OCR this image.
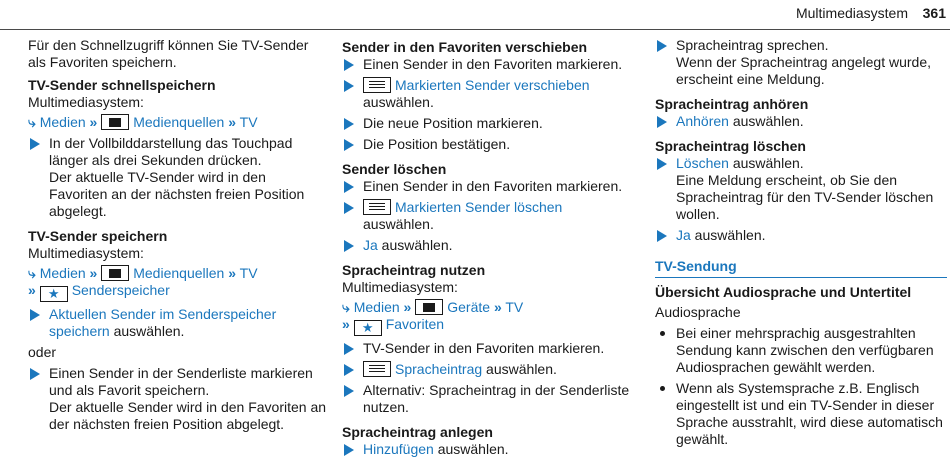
Multimediasystem 361

Für den Schnellzugriff können Sie TV-Sender als Favoriten speichern.

TV-Sender schnellspeichern

Multimediasystem:

⤷ Medien »	Medienquellen » TV
In der Vollbilddarstellung das Touchpad länger als drei Sekunden drücken.
Der aktuelle TV-Sender wird in den Favoriten an der nächsten freien Position abgelegt.

TV-Sender speichern

Multimediasystem:

⤷ Medien »	Medienquellen » TV
» ★ Senderspeicher
Aktuellen Sender im Senderspeicher speichern auswählen.

oder

Einen Sender in der Senderliste markieren und als Favorit speichern.
Der aktuelle Sender wird in den Favoriten an der nächsten freien Position abgelegt.

Sender in den Favoriten verschieben

Einen Sender in den Favoriten markieren.
Markierten Sender verschieben auswählen.
Die neue Position markieren.
Die Position bestätigen.

Sender löschen

Einen Sender in den Favoriten markieren.
Markierten Sender löschen auswählen.
Ja auswählen.

Spracheintrag nutzen

Multimediasystem:

⤷ Medien »	Geräte » TV
» ★ Favoriten
TV-Sender in den Favoriten markieren.
Spracheintrag auswählen.
Alternativ: Spracheintrag in der Senderliste nutzen.

Spracheintrag anlegen

Hinzufügen auswählen.
Spracheintrag sprechen.
Wenn der Spracheintrag angelegt wurde, erscheint eine Meldung.

Spracheintrag anhören

Anhören auswählen.

Spracheintrag löschen

Löschen auswählen.
Eine Meldung erscheint, ob Sie den Spracheintrag für den TV-Sender löschen wollen.
Ja auswählen.
TV-Sendung

Übersicht Audiosprache und Untertitel

Audiosprache

Bei einer mehrsprachig ausgestrahlten Sendung kann zwischen den verfügbaren Audiosprachen gewählt werden.
Wenn als Systemsprache z.B. Englisch eingestellt ist und ein TV-Sender in dieser Sprache ausstrahlt, wird diese automatisch gewählt.
